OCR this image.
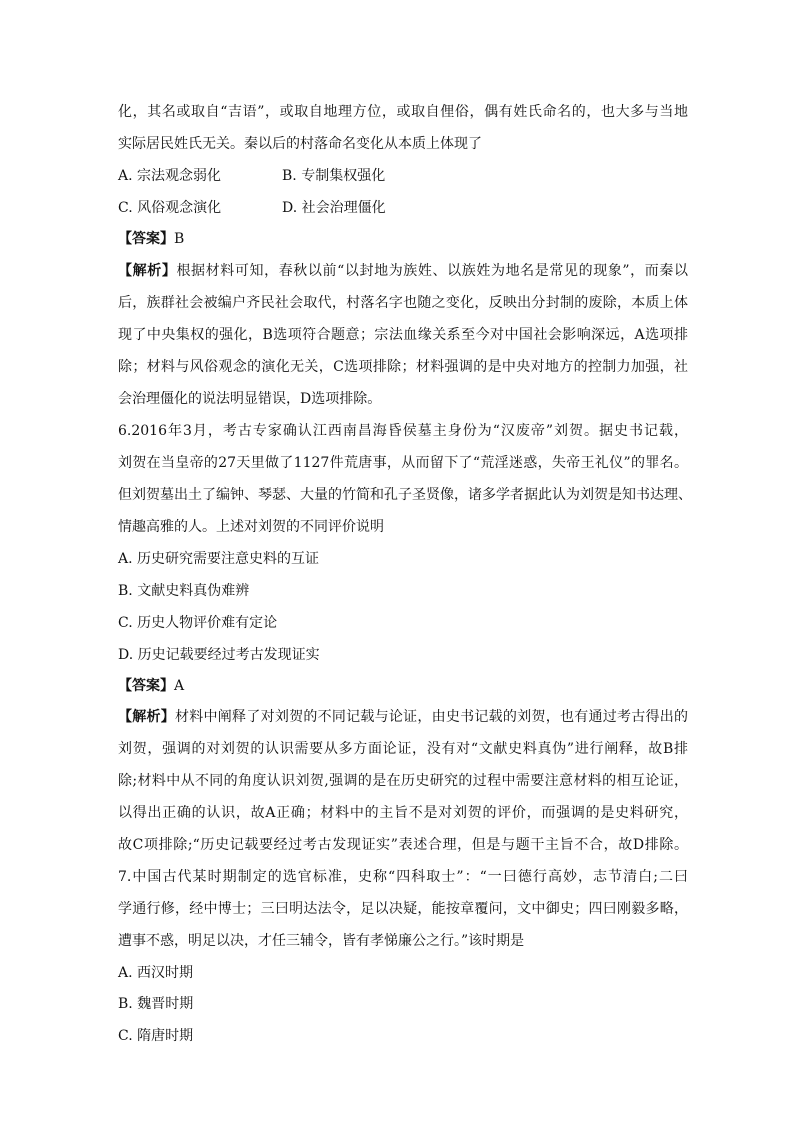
化，其名或取自“吉语”，或取自地理方位，或取自俚俗，偶有姓氏命名的，也大多与当地
实际居民姓氏无关。秦以后的村落命名变化从本质上体现了
A. 宗法观念弱化	B. 专制集权强化
C. 风俗观念演化	D. 社会治理僵化
【答案】B
【解析】根据材料可知，春秋以前“以封地为族姓、以族姓为地名是常见的现象”，而秦以
后，族群社会被编户齐民社会取代，村落名字也随之变化，反映出分封制的废除，本质上体
现了中央集权的强化，B选项符合题意；宗法血缘关系至今对中国社会影响深远，A选项排
除；材料与风俗观念的演化无关，C选项排除；材料强调的是中央对地方的控制力加强，社
会治理僵化的说法明显错误，D选项排除。
6.2016年3月，考古专家确认江西南昌海昏侯墓主身份为“汉废帝”刘贺。据史书记载，
刘贺在当皇帝的27天里做了1127件荒唐事，从而留下了“荒淫迷惑，失帝王礼仪”的罪名。
但刘贺墓出土了编钟、琴瑟、大量的竹简和孔子圣贤像，诸多学者据此认为刘贺是知书达理、
情趣高雅的人。上述对刘贺的不同评价说明
A. 历史研究需要注意史料的互证
B. 文献史料真伪难辨
C. 历史人物评价难有定论
D. 历史记载要经过考古发现证实
【答案】A
【解析】材料中阐释了对刘贺的不同记载与论证，由史书记载的刘贺，也有通过考古得出的
刘贺，强调的对刘贺的认识需要从多方面论证，没有对“文献史料真伪”进行阐释，故B排
除;材料中从不同的角度认识刘贺,强调的是在历史研究的过程中需要注意材料的相互论证，
以得出正确的认识，故A正确；材料中的主旨不是对刘贺的评价，而强调的是史料研究，
故C项排除;“历史记载要经过考古发现证实”表述合理，但是与题干主旨不合，故D排除。
7.中国古代某时期制定的选官标准，史称“四科取士”：“一曰德行高妙，志节清白;二曰
学通行修，经中博士；三曰明达法令，足以决疑，能按章覆问，文中御史；四曰刚毅多略，
遭事不惑，明足以决，才任三辅令，皆有孝悌廉公之行。”该时期是
A. 西汉时期
B. 魏晋时期
C. 隋唐时期
